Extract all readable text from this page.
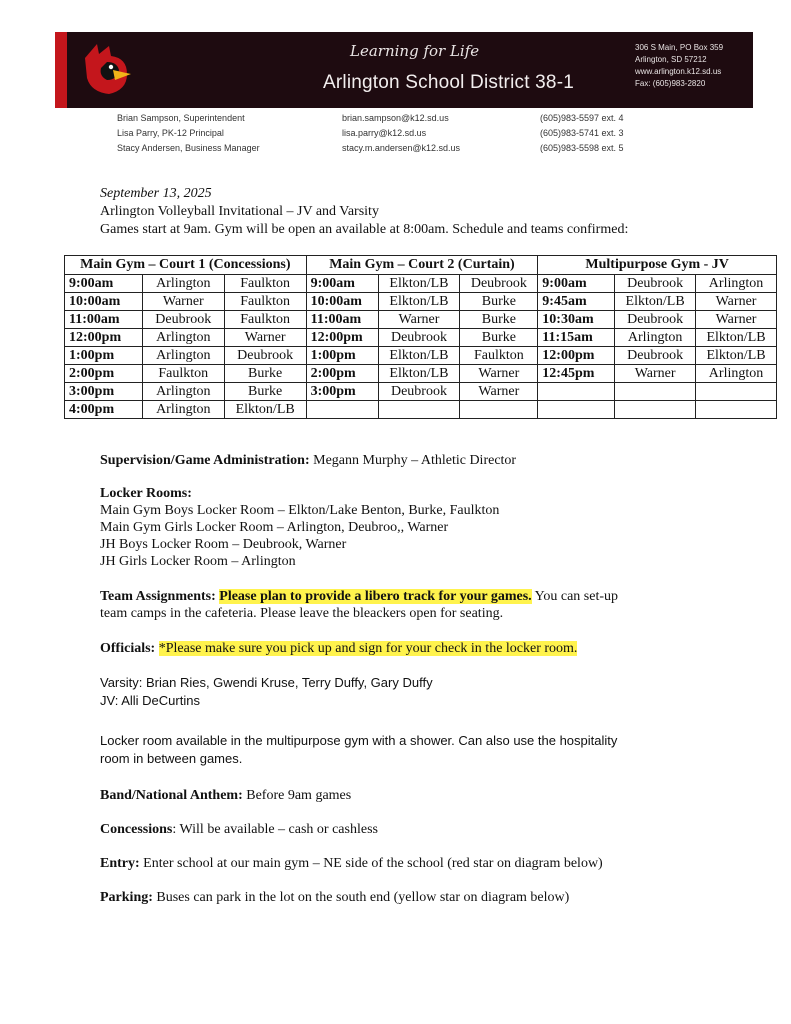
Learning for Life
Arlington School District 38-1
306 S Main, PO Box 359
Arlington, SD 57212
www.arlington.k12.sd.us
Fax: (605)983-2820
Brian Sampson, Superintendent	brian.sampson@k12.sd.us	(605)983-5597 ext. 4
Lisa Parry, PK-12 Principal	lisa.parry@k12.sd.us	(605)983-5741 ext. 3
Stacy Andersen, Business Manager	stacy.m.andersen@k12.sd.us	(605)983-5598 ext. 5
September 13, 2025
Arlington Volleyball Invitational – JV and Varsity
Games start at 9am. Gym will be open an available at 8:00am. Schedule and teams confirmed:
Main Gym – Court 1 (Concessions)			Main Gym – Court 2 (Curtain)			Multipurpose Gym - JV		
9:00am	Arlington	Faulkton	9:00am	Elkton/LB	Deubrook	9:00am	Deubrook	Arlington
10:00am	Warner	Faulkton	10:00am	Elkton/LB	Burke	9:45am	Elkton/LB	Warner
11:00am	Deubrook	Faulkton	11:00am	Warner	Burke	10:30am	Deubrook	Warner
12:00pm	Arlington	Warner	12:00pm	Deubrook	Burke	11:15am	Arlington	Elkton/LB
1:00pm	Arlington	Deubrook	1:00pm	Elkton/LB	Faulkton	12:00pm	Deubrook	Elkton/LB
2:00pm	Faulkton	Burke	2:00pm	Elkton/LB	Warner	12:45pm	Warner	Arlington
3:00pm	Arlington	Burke	3:00pm	Deubrook	Warner			
4:00pm	Arlington	Elkton/LB						
Supervision/Game Administration: Megann Murphy – Athletic Director
Locker Rooms:
Main Gym Boys Locker Room – Elkton/Lake Benton, Burke, Faulkton
Main Gym Girls Locker Room – Arlington, Deubroo,, Warner
JH Boys Locker Room – Deubrook, Warner
JH Girls Locker Room – Arlington
Team Assignments: Please plan to provide a libero track for your games. You can set-up
team camps in the cafeteria. Please leave the bleackers open for seating.
Officials: *Please make sure you pick up and sign for your check in the locker room.
Varsity: Brian Ries, Gwendi Kruse, Terry Duffy, Gary Duffy
JV: Alli DeCurtins
Locker room available in the multipurpose gym with a shower. Can also use the hospitality
room in between games.
Band/National Anthem: Before 9am games
Concessions: Will be available – cash or cashless
Entry: Enter school at our main gym – NE side of the school (red star on diagram below)
Parking: Buses can park in the lot on the south end (yellow star on diagram below)
